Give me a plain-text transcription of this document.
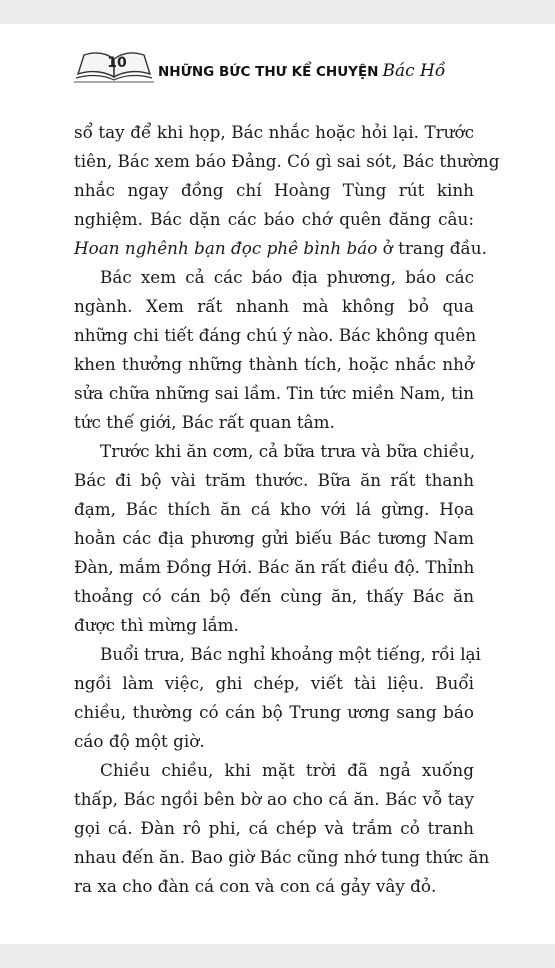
10
NHỮNG BỨC THƯ KỂ CHUYỆN Bác Hồ
sổ tay để khi họp, Bác nhắc hoặc hỏi lại. Trước
tiên, Bác xem báo Đảng. Có gì sai sót, Bác thường
nhắc ngay đồng chí Hoàng Tùng rút kinh
nghiệm. Bác dặn các báo chớ quên đăng câu:
Hoan nghênh bạn đọc phê bình báo ở trang đầu.
Bác xem cả các báo địa phương, báo các
ngành. Xem rất nhanh mà không bỏ qua
những chi tiết đáng chú ý nào. Bác không quên
khen thưởng những thành tích, hoặc nhắc nhở
sửa chữa những sai lầm. Tin tức miền Nam, tin
tức thế giới, Bác rất quan tâm.
Trước khi ăn cơm, cả bữa trưa và bữa chiều,
Bác đi bộ vài trăm thước. Bữa ăn rất thanh
đạm, Bác thích ăn cá kho với lá gừng. Họa
hoằn các địa phương gửi biếu Bác tương Nam
Đàn, mắm Đồng Hới. Bác ăn rất điều độ. Thỉnh
thoảng có cán bộ đến cùng ăn, thấy Bác ăn
được thì mừng lắm.
Buổi trưa, Bác nghỉ khoảng một tiếng, rồi lại
ngồi làm việc, ghi chép, viết tài liệu. Buổi
chiều, thường có cán bộ Trung ương sang báo
cáo độ một giờ.
Chiều chiều, khi mặt trời đã ngả xuống
thấp, Bác ngồi bên bờ ao cho cá ăn. Bác vỗ tay
gọi cá. Đàn rô phi, cá chép và trắm cỏ tranh
nhau đến ăn. Bao giờ Bác cũng nhớ tung thức ăn
ra xa cho đàn cá con và con cá gảy vây đỏ.
